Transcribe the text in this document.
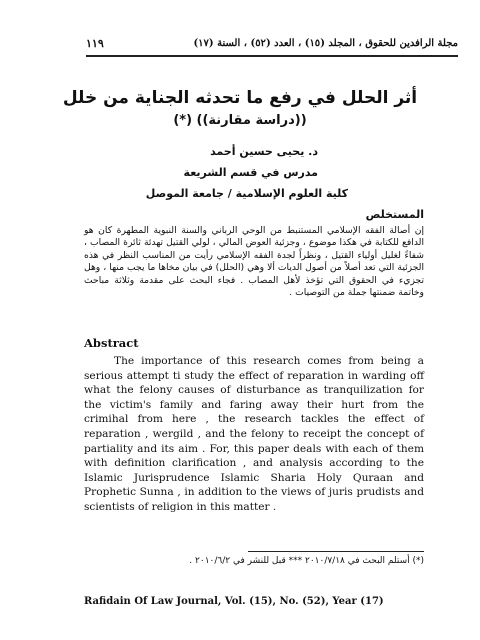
مجلة الرافدين للحقوق ، المجلد (١٥) ، العدد (٥٢) ، السنة (١٧)
١١٩
أثر الحلل في رفع ما تحدثه الجناية من خلل
((دراسة مقارنة)) (*)
د. يحيى حسين أحمد
مدرس في قسم الشريعة
كلية العلوم الإسلامية / جامعة الموصل
المستخلص
إن أصالة الفقه الإسلامي المستنبط من الوحي الرباني والسنة النبوية المطهرة كان هو الدافع للكتابة في هكذا موضوع ، وجزئية العوض المالي ، لولي القتيل تهدئة ثائرة المصاب ، شفاءً لغليل أولياء القتيل ، ونظراً لجدة الفقه الإسلامي رأيت من المناسب النظر في هذه الجزئية التي تعد أصلاً من أصول الديات ألا وهي (الحلل) في بيان مخاها ما يجب منها ، وهل تجزيء في الحقوق التي تؤخذ لأهل المصاب . فجاء البحث على مقدمة وثلاثة مباحث وخاتمة ضمنتها جملة من التوصيات .
Abstract
The importance of this research comes from being a serious attempt ti study the effect of reparation in warding off what the felony causes of disturbance as tranquilization for the victim's family and faring away their hurt from the crimihal from here , the research tackles the effect of reparation , wergild , and the felony to receipt the concept of partiality and its aim . For, this paper deals with each of them with definition clarification , and analysis according to the Islamic Jurisprudence Islamic Sharia Holy Quraan and Prophetic Sunna , in addition to the views of juris prudists and scientists of religion in this matter .
(*) أستلم البحث في ٢٠١٠/٧/١٨ *** قبل للنشر في ٢٠١٠/٦/٢ .
Rafidain Of Law Journal, Vol. (15), No. (52), Year (17)
